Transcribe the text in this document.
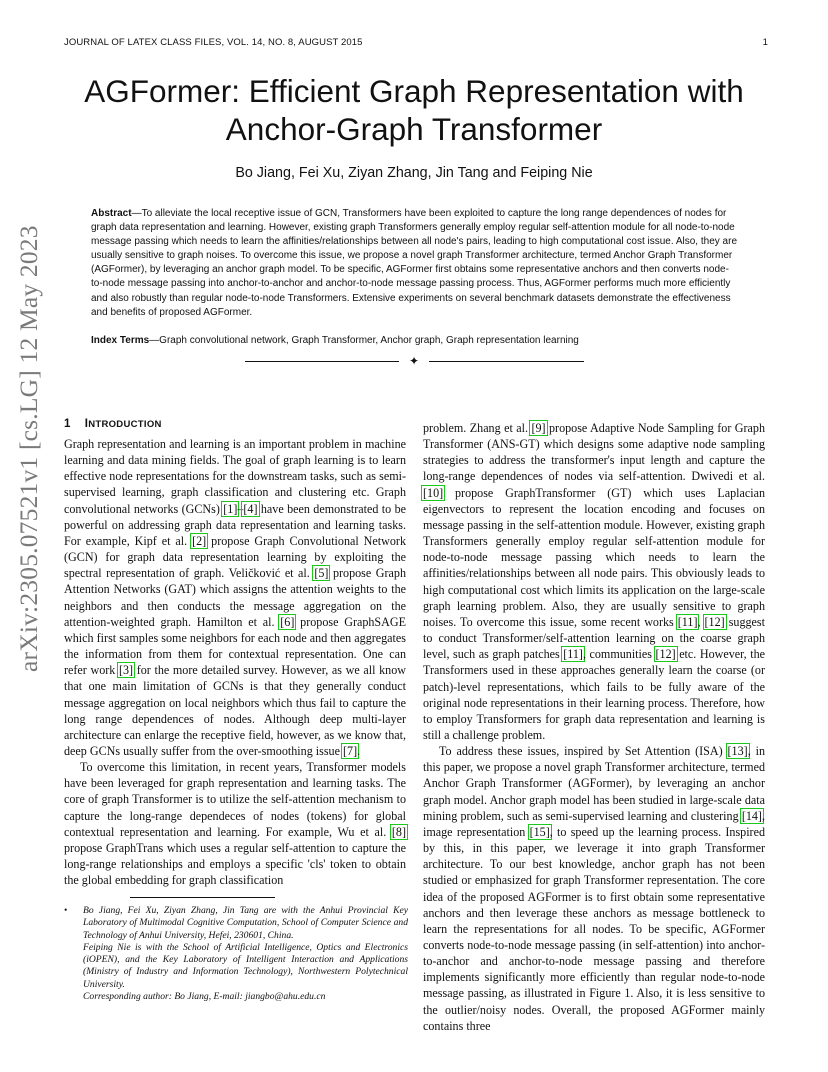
JOURNAL OF LATEX CLASS FILES, VOL. 14, NO. 8, AUGUST 2015	1
arXiv:2305.07521v1 [cs.LG] 12 May 2023
AGFormer: Efficient Graph Representation with Anchor-Graph Transformer
Bo Jiang, Fei Xu, Ziyan Zhang, Jin Tang and Feiping Nie
Abstract—To alleviate the local receptive issue of GCN, Transformers have been exploited to capture the long range dependences of nodes for graph data representation and learning. However, existing graph Transformers generally employ regular self-attention module for all node-to-node message passing which needs to learn the affinities/relationships between all node's pairs, leading to high computational cost issue. Also, they are usually sensitive to graph noises. To overcome this issue, we propose a novel graph Transformer architecture, termed Anchor Graph Transformer (AGFormer), by leveraging an anchor graph model. To be specific, AGFormer first obtains some representative anchors and then converts node-to-node message passing into anchor-to-anchor and anchor-to-node message passing process. Thus, AGFormer performs much more efficiently and also robustly than regular node-to-node Transformers. Extensive experiments on several benchmark datasets demonstrate the effectiveness and benefits of proposed AGFormer.
Index Terms—Graph convolutional network, Graph Transformer, Anchor graph, Graph representation learning
✦
1 INTRODUCTION

Graph representation and learning is an important problem in machine learning and data mining fields. The goal of graph learning is to learn effective node representations for the downstream tasks, such as semi-supervised learning, graph classification and clustering etc. Graph convolutional networks (GCNs) [1]–[4] have been demonstrated to be powerful on addressing graph data representation and learning tasks. For example, Kipf et al. [2] propose Graph Convolutional Network (GCN) for graph data representation learning by exploiting the spectral representation of graph. Veličković et al. [5] propose Graph Attention Networks (GAT) which assigns the attention weights to the neighbors and then conducts the message aggregation on the attention-weighted graph. Hamilton et al. [6] propose GraphSAGE which first samples some neighbors for each node and then aggregates the information from them for contextual representation. One can refer work [3] for the more detailed survey. However, as we all know that one main limitation of GCNs is that they generally conduct message aggregation on local neighbors which thus fail to capture the long range dependences of nodes. Although deep multi-layer architecture can enlarge the receptive field, however, as we know that, deep GCNs usually suffer from the over-smoothing issue [7].

To overcome this limitation, in recent years, Transformer models have been leveraged for graph representation and learning tasks. The core of graph Transformer is to utilize the self-attention mechanism to capture the long-range dependeces of nodes (tokens) for global contextual representation and learning. For example, Wu et al. [8] propose GraphTrans which uses a regular self-attention to capture the long-range relationships and employs a specific 'cls' token to obtain the global embedding for graph classification

problem. Zhang et al. [9] propose Adaptive Node Sampling for Graph Transformer (ANS-GT) which designs some adaptive node sampling strategies to address the transformer's input length and capture the long-range dependences of nodes via self-attention. Dwivedi et al. [10] propose GraphTransformer (GT) which uses Laplacian eigenvectors to represent the location encoding and focuses on message passing in the self-attention module. However, existing graph Transformers generally employ regular self-attention module for node-to-node message passing which needs to learn the affinities/relationships between all node pairs. This obviously leads to high computational cost which limits its application on the large-scale graph learning problem. Also, they are usually sensitive to graph noises. To overcome this issue, some recent works [11], [12] suggest to conduct Transformer/self-attention learning on the coarse graph level, such as graph patches [11], communities [12] etc. However, the Transformers used in these approaches generally learn the coarse (or patch)-level representations, which fails to be fully aware of the original node representations in their learning process. Therefore, how to employ Transformers for graph data representation and learning is still a challenge problem.

To address these issues, inspired by Set Attention (ISA) [13], in this paper, we propose a novel graph Transformer architecture, termed Anchor Graph Transformer (AGFormer), by leveraging an anchor graph model. Anchor graph model has been studied in large-scale data mining problem, such as semi-supervised learning and clustering [14], image representation [15], to speed up the learning process. Inspired by this, in this paper, we leverage it into graph Transformer architecture. To our best knowledge, anchor graph has not been studied or emphasized for graph Transformer representation. The core idea of the proposed AGFormer is to first obtain some representative anchors and then leverage these anchors as message bottleneck to learn the representations for all nodes. To be specific, AGFormer converts node-to-node message passing (in self-attention) into anchor-to-anchor and anchor-to-node message passing and therefore implements significantly more efficiently than regular node-to-node message passing, as illustrated in Figure 1. Also, it is less sensitive to the outlier/noisy nodes. Overall, the proposed AGFormer mainly contains three

• Bo Jiang, Fei Xu, Ziyan Zhang, Jin Tang are with the Anhui Provincial Key Laboratory of Multimodal Cognitive Computation, School of Computer Science and Technology of Anhui University, Hefei, 230601, China.
Feiping Nie is with the School of Artificial Intelligence, Optics and Electronics (iOPEN), and the Key Laboratory of Intelligent Interaction and Applications (Ministry of Industry and Information Technology), Northwestern Polytechnical University.
Corresponding author: Bo Jiang, E-mail: jiangbo@ahu.edu.cn
